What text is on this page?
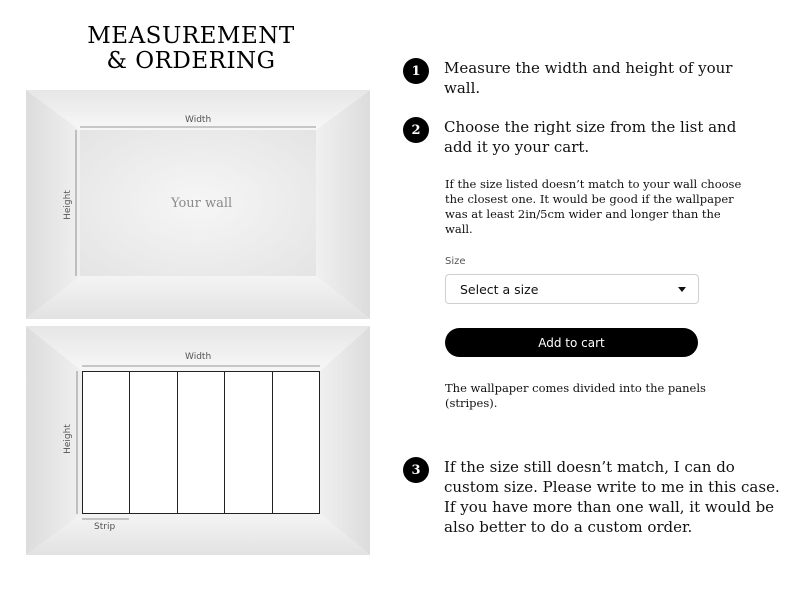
MEASUREMENT
& ORDERING
Width
Height	Your wall
Width
Height
Strip
1	Measure the width and height of your wall.
2	Choose the right size from the list and add it yo your cart.
If the size listed doesn’t match to your wall choose the closest one. It would be good if the wallpaper was at least 2in/5cm wider and longer than the wall.
Size
Select a size
Add to cart
The wallpaper comes divided into the panels (stripes).
3	If the size still doesn’t match, I can do custom size. Please write to me in this case. If you have more than one wall, it would be also better to do a custom order.
